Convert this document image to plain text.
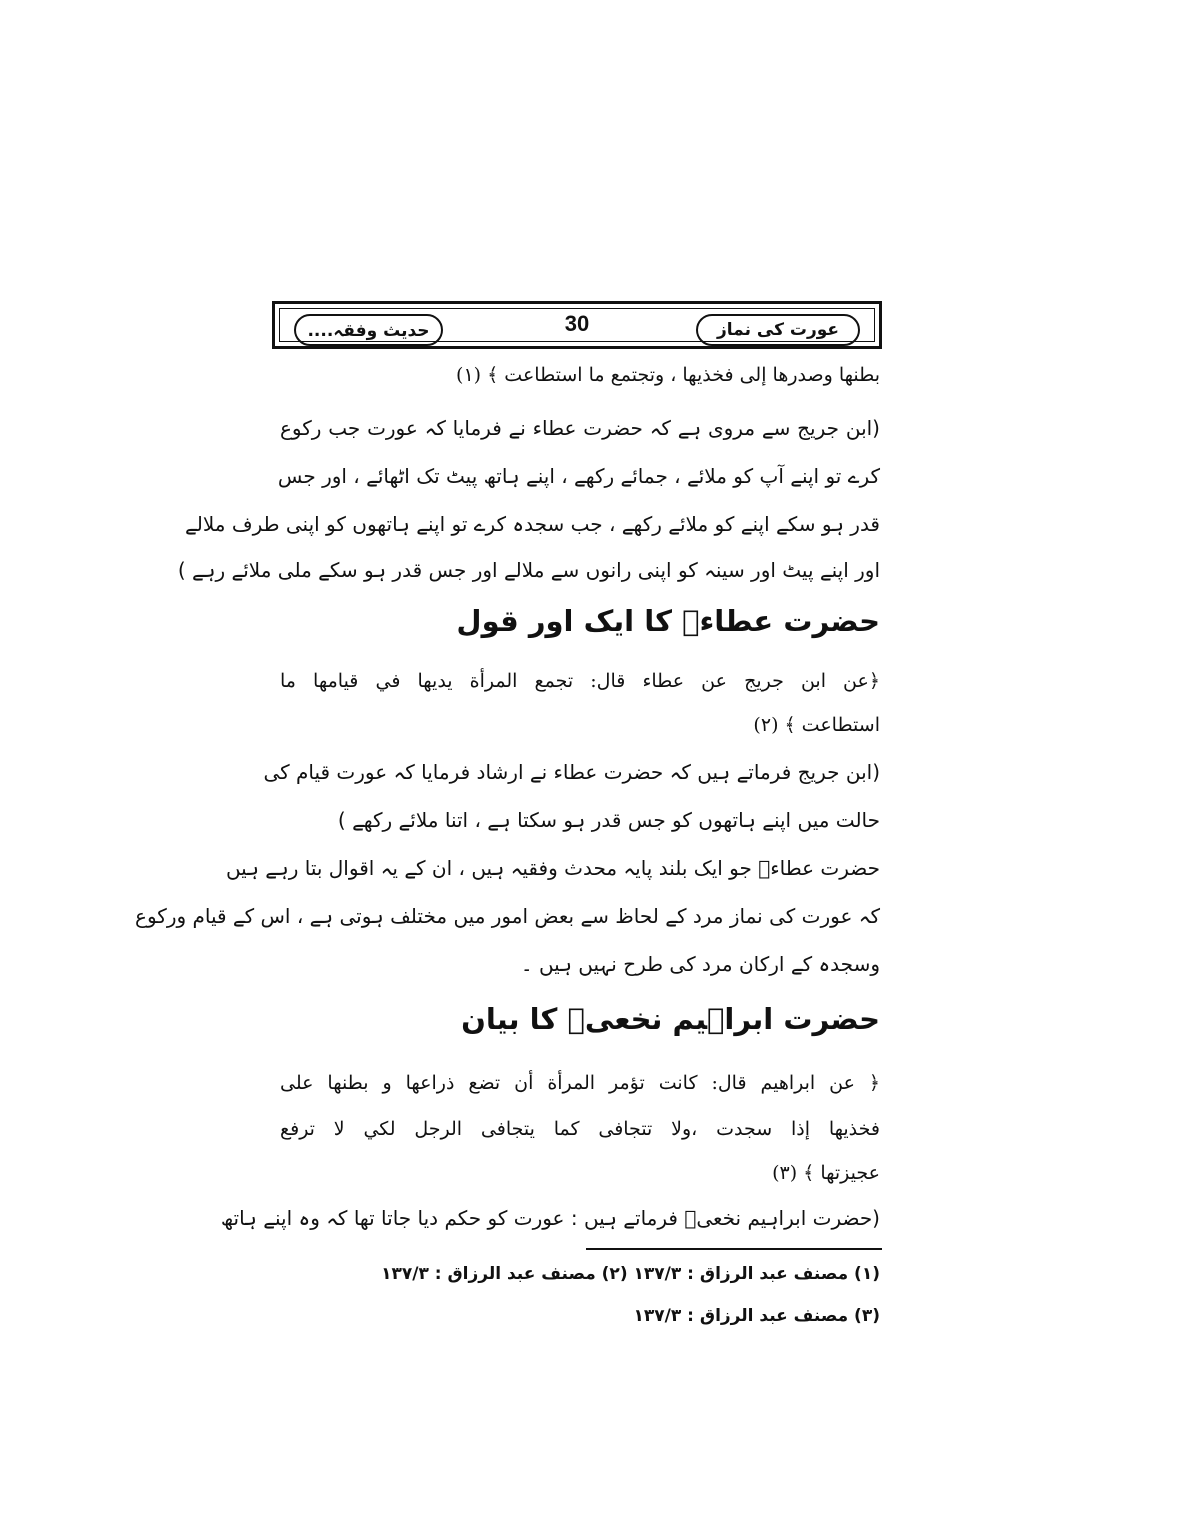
عورت کی نماز
30
حدیث وفقہ....
بطنها وصدرها إلى فخذيها ، وتجتمع ما استطاعت ﴾ (۱)
(ابن جریج سے مروی ہے کہ حضرت عطاء نے فرمایا کہ عورت جب رکوع
کرے تو اپنے آپ کو ملائے ، جمائے رکھے ، اپنے ہاتھ پیٹ تک اٹھائے ، اور جس
قدر ہو سکے اپنے کو ملائے رکھے ، جب سجدہ کرے تو اپنے ہاتھوں کو اپنی طرف ملالے
اور اپنے پیٹ اور سینہ کو اپنی رانوں سے ملالے اور جس قدر ہو سکے ملی ملائے رہے )
حضرت عطاءؒ کا ایک اور قول
﴿عن ابن جريج عن عطاء قال: تجمع المرأة يديها في قيامها ما
استطاعت ﴾ (۲)
(ابن جریج فرماتے ہیں کہ حضرت عطاء نے ارشاد فرمایا کہ عورت قیام کی
حالت میں اپنے ہاتھوں کو جس قدر ہو سکتا ہے ، اتنا ملائے رکھے )
حضرت عطاءؒ جو ایک بلند پایہ محدث وفقیہ ہیں ، ان کے یہ اقوال بتا رہے ہیں
کہ عورت کی نماز مرد کے لحاظ سے بعض امور میں مختلف ہوتی ہے ، اس کے قیام ورکوع
وسجدہ کے ارکان مرد کی طرح نہیں ہیں ۔
حضرت ابراہیم نخعیؒ کا بیان
﴿ عن ابراهيم قال: كانت تؤمر المرأة أن تضع ذراعها و بطنها على
فخذيها إذا سجدت ،ولا تتجافى كما يتجافى الرجل لكي لا ترفع
عجيزتها ﴾ (۳)
(حضرت ابراہیم نخعیؒ فرماتے ہیں : عورت کو حکم دیا جاتا تھا کہ وہ اپنے ہاتھ
(۱) مصنف عبد الرزاق : ۱۳۷/۳ (۲) مصنف عبد الرزاق : ۱۳۷/۳
(۳) مصنف عبد الرزاق : ۱۳۷/۳
